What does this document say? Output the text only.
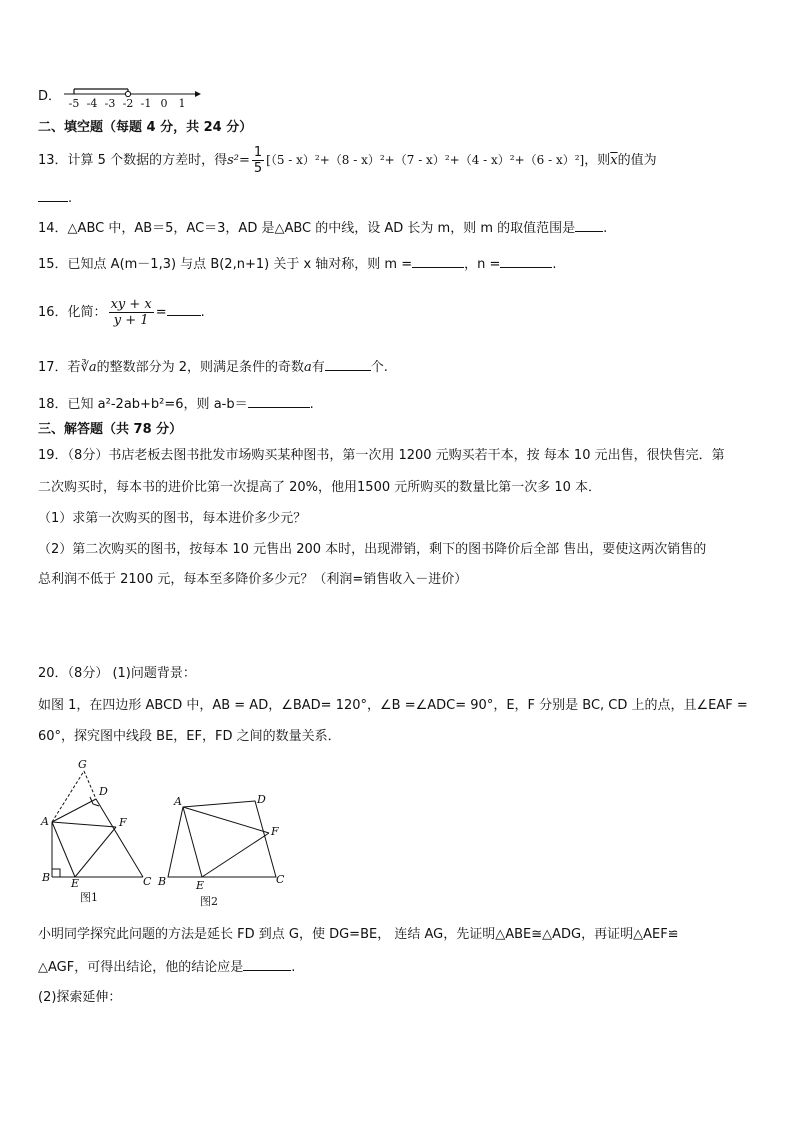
D． -5 -4 -3 -2 -1 0 1
二、填空题（每题 4 分，共 24 分）
13．计算 5 个数据的方差时，得$s^2= \frac{1}{5} [(5 - x)^2+(8 - x)^2+(7 - x)^2+(4 - x)^2+(6 - x)^2]$，则$\overline{x}$的值为
.
14．△ABC 中，AB＝5，AC＝3，AD 是△ABC 的中线，设 AD 长为 m，则 m 的取值范围是 .
15．已知点 A(m－1,3) 与点 B(2,n+1) 关于 x 轴对称，则 m =	，n =	.
16．化简： $\frac{xy + x}{y + 1}$ =	.
17．若∛a的整数部分为 2，则满足条件的奇数a有	个.
18．已知 a²-2ab+b²=6，则 a-b＝	.
三、解答题（共 78 分）
19．（8分）书店老板去图书批发市场购买某种图书，第一次用 1200 元购买若干本，按 每本 10 元出售，很快售完．第
二次购买时，每本书的进价比第一次提高了 20%，他用1500 元所购买的数量比第一次多 10 本．
（1）求第一次购买的图书，每本进价多少元？
（2）第二次购买的图书，按每本 10 元售出 200 本时，出现滞销，剩下的图书降价后全部 售出，要使这两次销售的
总利润不低于 2100 元，每本至多降价多少元？（利润=销售收入－进价）
20．（8分） (1)问题背景：
如图 1，在四边形 ABCD 中，AB = AD，∠BAD= 120°，∠B =∠ADC= 90°，E，F 分别是 BC, CD 上的点，且∠EAF =
60°，探究图中线段 BE，EF，FD 之间的数量关系．
G
D
A	F
B E	C
图1
A	D
F
B	E	C
图2
小明同学探究此问题的方法是延长 FD 到点 G，使 DG=BE， 连结 AG，先证明△ABE≅△ADG，再证明△AEF≌
△AGF，可得出结论，他的结论应是	.
(2)探索延伸：
